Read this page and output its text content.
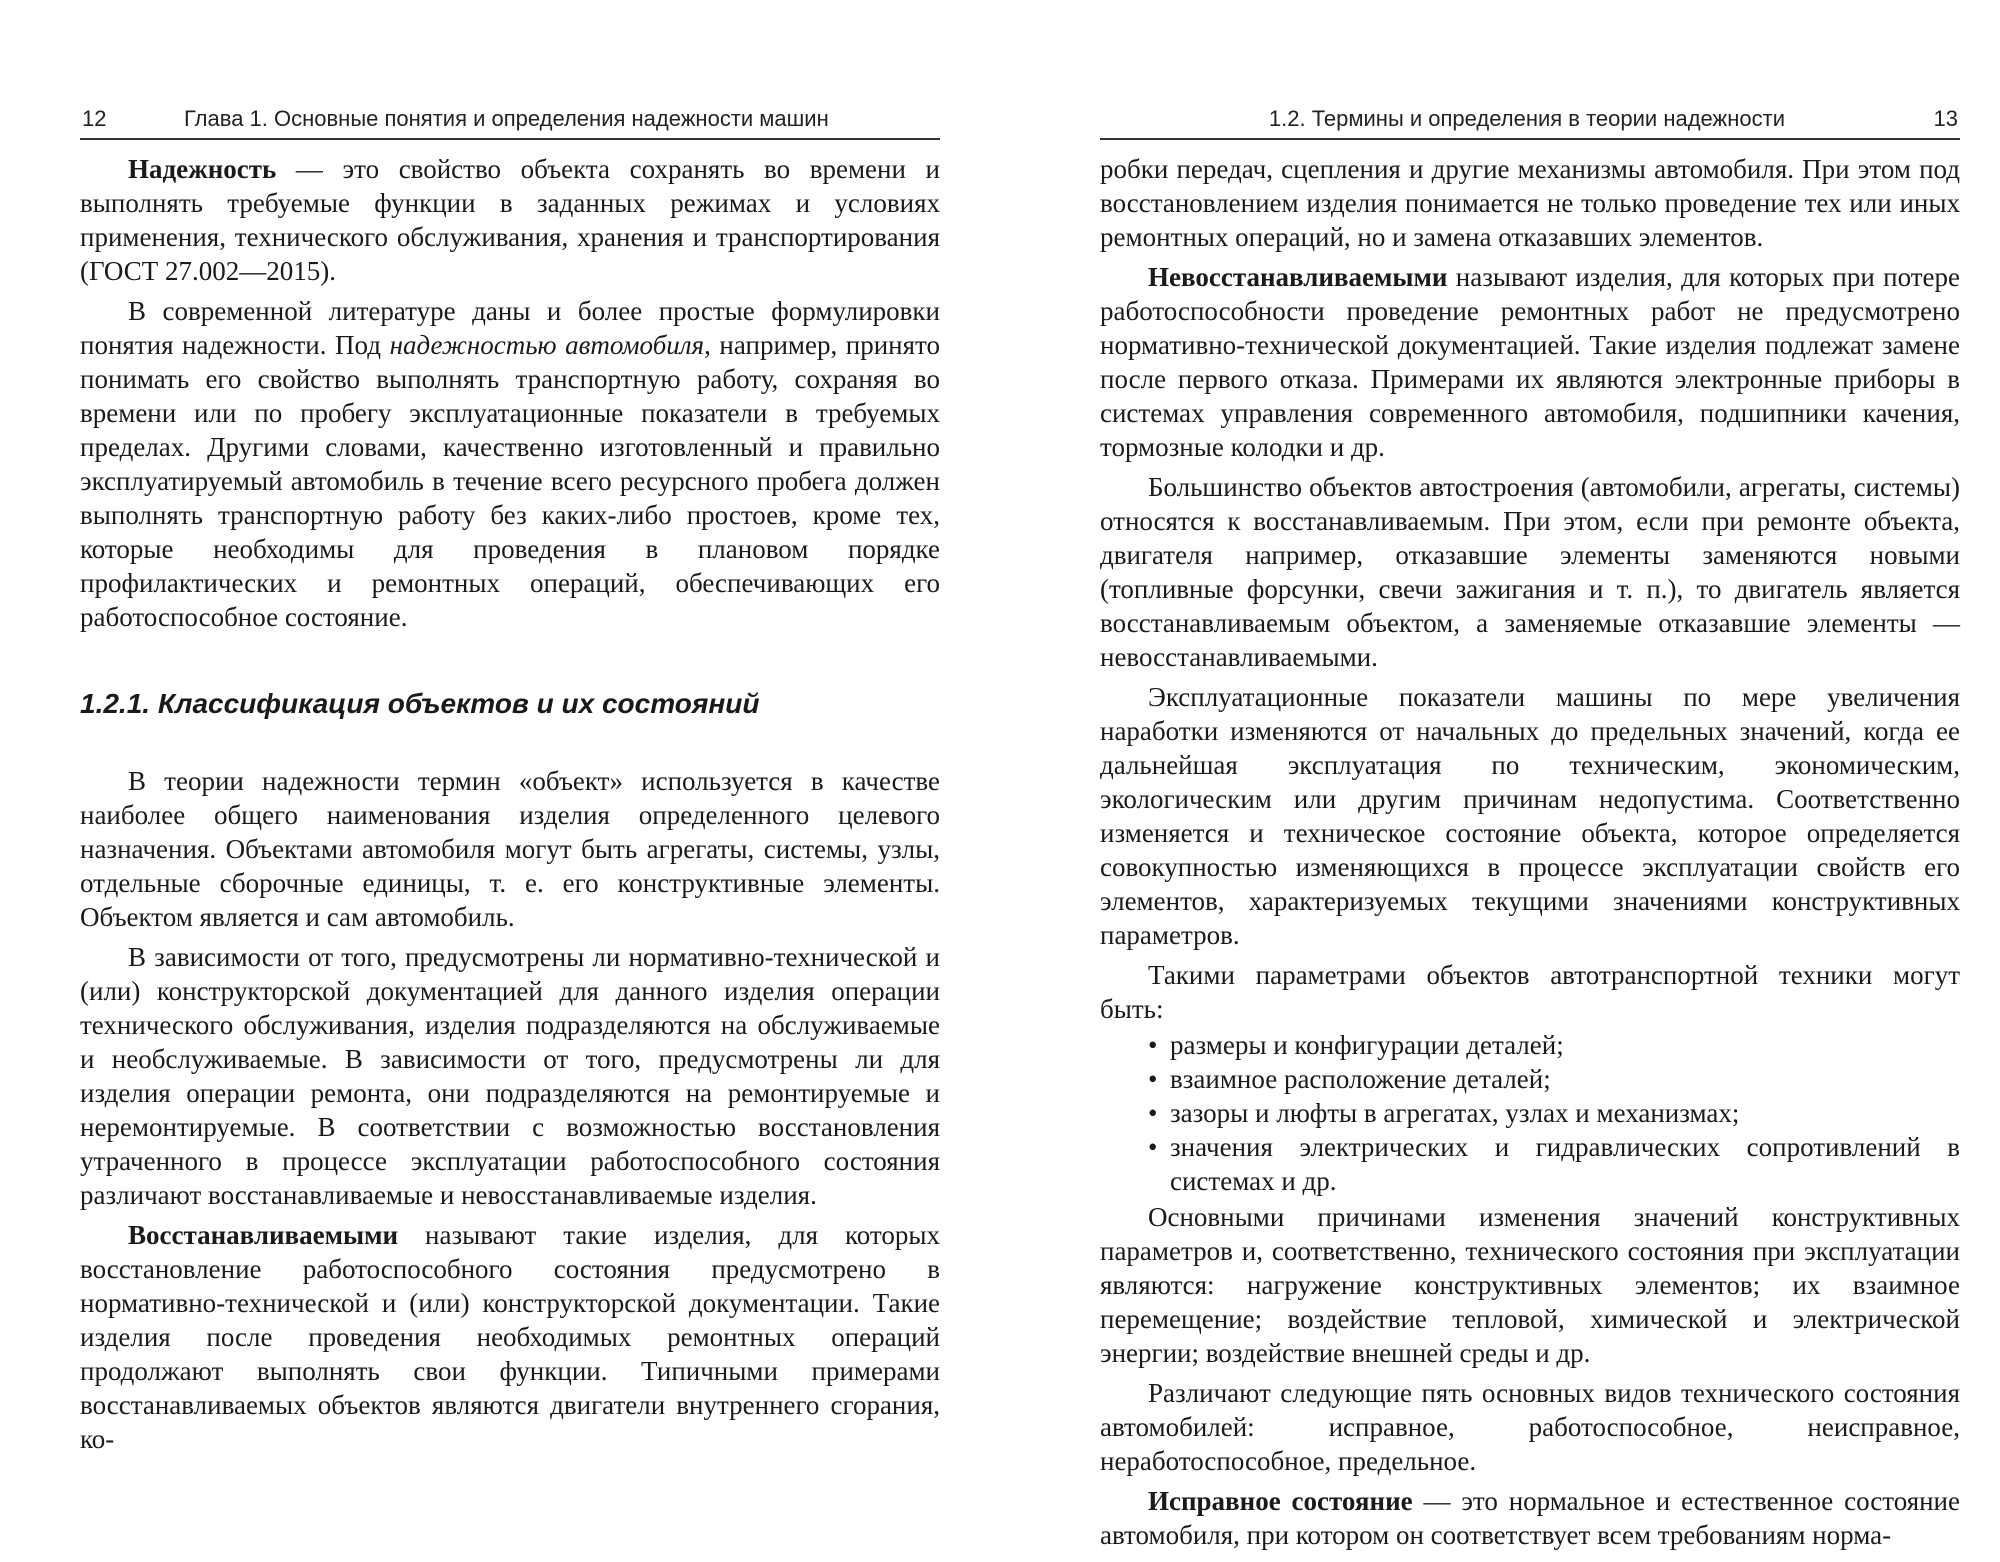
12	Глава 1. Основные понятия и определения надежности машин

Надежность — это свойство объекта сохранять во времени и выполнять требуемые функции в заданных режимах и условиях применения, технического обслуживания, хранения и транспортирования (ГОСТ 27.002—2015).

В современной литературе даны и более простые формулировки понятия надежности. Под надежностью автомобиля, например, принято понимать его свойство выполнять транспортную работу, сохраняя во времени или по пробегу эксплуатационные показатели в требуемых пределах. Другими словами, качественно изготовленный и правильно эксплуатируемый автомобиль в течение всего ресурсного пробега должен выполнять транспортную работу без каких-либо простоев, кроме тех, которые необходимы для проведения в плановом порядке профилактических и ремонтных операций, обеспечивающих его работоспособное состояние.

1.2.1. Классификация объектов и их состояний

В теории надежности термин «объект» используется в качестве наиболее общего наименования изделия определенного целевого назначения. Объектами автомобиля могут быть агрегаты, системы, узлы, отдельные сборочные единицы, т. е. его конструктивные элементы. Объектом является и сам автомобиль.

В зависимости от того, предусмотрены ли нормативно-технической и (или) конструкторской документацией для данного изделия операции технического обслуживания, изделия подразделяются на обслуживаемые и необслуживаемые. В зависимости от того, предусмотрены ли для изделия операции ремонта, они подразделяются на ремонтируемые и неремонтируемые. В соответствии с возможностью восстановления утраченного в процессе эксплуатации работоспособного состояния различают восстанавливаемые и невосстанавливаемые изделия.

Восстанавливаемыми называют такие изделия, для которых восстановление работоспособного состояния предусмотрено в нормативно-технической и (или) конструкторской документации. Такие изделия после проведения необходимых ремонтных операций продолжают выполнять свои функции. Типичными примерами восстанавливаемых объектов являются двигатели внутреннего сгорания, ко-

1.2. Термины и определения в теории надежности	13

робки передач, сцепления и другие механизмы автомобиля. При этом под восстановлением изделия понимается не только проведение тех или иных ремонтных операций, но и замена отказавших элементов.

Невосстанавливаемыми называют изделия, для которых при потере работоспособности проведение ремонтных работ не предусмотрено нормативно-технической документацией. Такие изделия подлежат замене после первого отказа. Примерами их являются электронные приборы в системах управления современного автомобиля, подшипники качения, тормозные колодки и др.

Большинство объектов автостроения (автомобили, агрегаты, системы) относятся к восстанавливаемым. При этом, если при ремонте объекта, двигателя например, отказавшие элементы заменяются новыми (топливные форсунки, свечи зажигания и т. п.), то двигатель является восстанавливаемым объектом, а заменяемые отказавшие элементы — невосстанавливаемыми.

Эксплуатационные показатели машины по мере увеличения наработки изменяются от начальных до предельных значений, когда ее дальнейшая эксплуатация по техническим, экономическим, экологическим или другим причинам недопустима. Соответственно изменяется и техническое состояние объекта, которое определяется совокупностью изменяющихся в процессе эксплуатации свойств его элементов, характеризуемых текущими значениями конструктивных параметров.

Такими параметрами объектов автотранспортной техники могут быть:

• размеры и конфигурации деталей;
• взаимное расположение деталей;
• зазоры и люфты в агрегатах, узлах и механизмах;
• значения электрических и гидравлических сопротивлений в системах и др.

Основными причинами изменения значений конструктивных параметров и, соответственно, технического состояния при эксплуатации являются: нагружение конструктивных элементов; их взаимное перемещение; воздействие тепловой, химической и электрической энергии; воздействие внешней среды и др.

Различают следующие пять основных видов технического состояния автомобилей: исправное, работоспособное, неисправное, неработоспособное, предельное.

Исправное состояние — это нормальное и естественное состояние автомобиля, при котором он соответствует всем требованиям норма-
